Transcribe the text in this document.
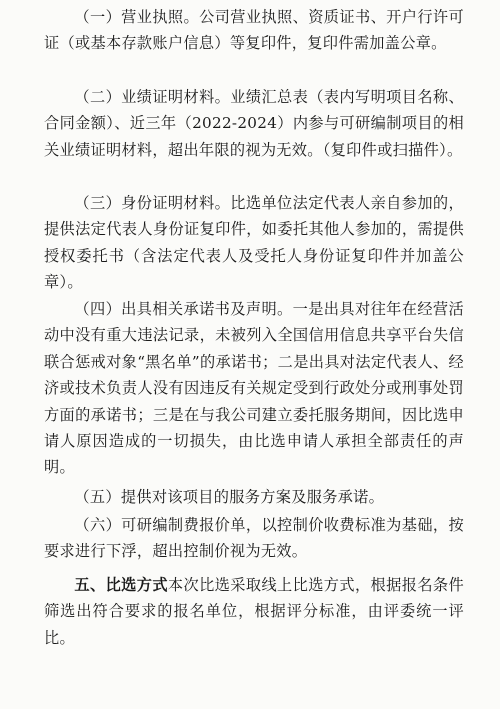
（一）营业执照。公司营业执照、资质证书、开户行许可证（或基本存款账户信息）等复印件，复印件需加盖公章。

（二）业绩证明材料。业绩汇总表（表内写明项目名称、合同金额）、近三年（2022-2024）内参与可研编制项目的相关业绩证明材料，超出年限的视为无效。（复印件或扫描件）。

（三）身份证明材料。比选单位法定代表人亲自参加的，提供法定代表人身份证复印件，如委托其他人参加的，需提供授权委托书（含法定代表人及受托人身份证复印件并加盖公章）。

（四）出具相关承诺书及声明。一是出具对往年在经营活动中没有重大违法记录，未被列入全国信用信息共享平台失信联合惩戒对象“黑名单”的承诺书；二是出具对法定代表人、经济或技术负责人没有因违反有关规定受到行政处分或刑事处罚方面的承诺书；三是在与我公司建立委托服务期间，因比选申请人原因造成的一切损失，由比选申请人承担全部责任的声明。

（五）提供对该项目的服务方案及服务承诺。

（六）可研编制费报价单，以控制价收费标准为基础，按要求进行下浮，超出控制价视为无效。

五、比选方式本次比选采取线上比选方式，根据报名条件筛选出符合要求的报名单位，根据评分标准，由评委统一评比。
